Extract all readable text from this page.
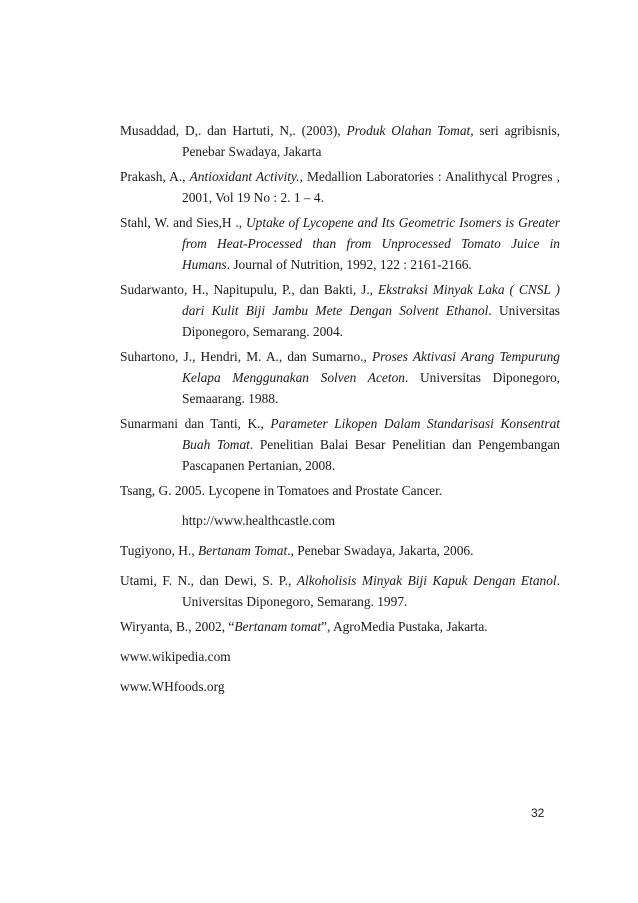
Musaddad, D,. dan Hartuti, N,. (2003), Produk Olahan Tomat, seri agribisnis, Penebar Swadaya, Jakarta

Prakash, A., Antioxidant Activity., Medallion Laboratories : Analithycal Progres , 2001, Vol 19 No : 2. 1 – 4.

Stahl, W. and Sies,H ., Uptake of Lycopene and Its Geometric Isomers is Greater from Heat-Processed than from Unprocessed Tomato Juice in Humans. Journal of Nutrition, 1992, 122 : 2161-2166.

Sudarwanto, H., Napitupulu, P., dan Bakti, J., Ekstraksi Minyak Laka ( CNSL ) dari Kulit Biji Jambu Mete Dengan Solvent Ethanol. Universitas Diponegoro, Semarang. 2004.

Suhartono, J., Hendri, M. A., dan Sumarno., Proses Aktivasi Arang Tempurung Kelapa Menggunakan Solven Aceton. Universitas Diponegoro, Semaarang. 1988.

Sunarmani dan Tanti, K., Parameter Likopen Dalam Standarisasi Konsentrat Buah Tomat. Penelitian Balai Besar Penelitian dan Pengembangan Pascapanen Pertanian, 2008.

Tsang, G. 2005. Lycopene in Tomatoes and Prostate Cancer.
http://www.healthcastle.com

Tugiyono, H., Bertanam Tomat., Penebar Swadaya, Jakarta, 2006.

Utami, F. N., dan Dewi, S. P., Alkoholisis Minyak Biji Kapuk Dengan Etanol. Universitas Diponegoro, Semarang. 1997.

Wiryanta, B., 2002, “Bertanam tomat”, AgroMedia Pustaka, Jakarta.

www.wikipedia.com

www.WHfoods.org

32
